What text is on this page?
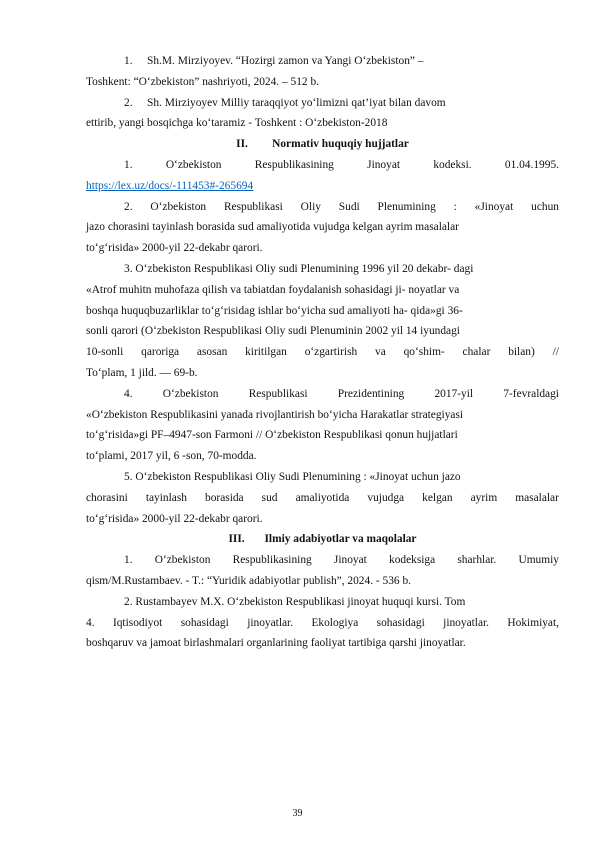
1. Sh.M. Mirziyoyev. “Hozirgi zamon va Yangi O‘zbekiston” –
Toshkent: “O‘zbekiston” nashriyoti, 2024. – 512 b.
2. Sh. Mirziyoyev Milliy taraqqiyot yo‘limizni qat’iyat bilan davom
ettirib, yangi bosqichga ko‘taramiz - Toshkent : O‘zbekiston-2018
II. Normativ huquqiy hujjatlar
1.	O‘zbekiston	Respublikasining	Jinoyat	kodeksi.	01.04.1995.
https://lex.uz/docs/-111453#-265694
2. O‘zbekiston Respublikasi Oliy Sudi Plenumining : «Jinoyat uchun
jazo chorasini tayinlash borasida sud amaliyotida vujudga kelgan ayrim masalalar
to‘g‘risida» 2000-yil 22-dekabr qarori.
3. O‘zbekiston Respublikasi Oliy sudi Plenumining 1996 yil 20 dekabr- dagi
«Atrof muhitn muhofaza qilish va tabiatdan foydalanish sohasidagi ji- noyatlar va
boshqa huquqbuzarliklar to‘g‘risidag ishlar bo‘yicha sud amaliyoti ha- qida»gi 36-
sonli qarori (O‘zbekiston Respublikasi Oliy sudi Plenuminin 2002 yil 14 iyundagi
10-sonli qaroriga asosan kiritilgan o‘zgartirish va qo‘shim- chalar bilan) //
To‘plam, 1 jild. — 69-b.
4.	O‘zbekiston	Respublikasi	Prezidentining	2017-yil	7-fevraldagi
«O‘zbekiston Respublikasini yanada rivojlantirish bo‘yicha Harakatlar strategiyasi
to‘g‘risida»gi PF–4947-son Farmoni // O‘zbekiston Respublikasi qonun hujjatlari
to‘plami, 2017 yil, 6 -son, 70-modda.
5. O‘zbekiston Respublikasi Oliy Sudi Plenumining : «Jinoyat uchun jazo
chorasini tayinlash borasida sud amaliyotida vujudga kelgan ayrim masalalar
to‘g‘risida» 2000-yil 22-dekabr qarori.
III. Ilmiy adabiyotlar va maqolalar
1. O‘zbekiston Respublikasining Jinoyat kodeksiga sharhlar. Umumiy
qism/M.Rustambaev. - T.: “Yuridik adabiyotlar publish”, 2024. - 536 b.
2. Rustambayev M.X. O‘zbekiston Respublikasi jinoyat huquqi kursi. Tom
4. Iqtisodiyot sohasidagi jinoyatlar. Ekologiya sohasidagi jinoyatlar. Hokimiyat,
boshqaruv va jamoat birlashmalari organlarining faoliyat tartibiga qarshi jinoyatlar.
39
